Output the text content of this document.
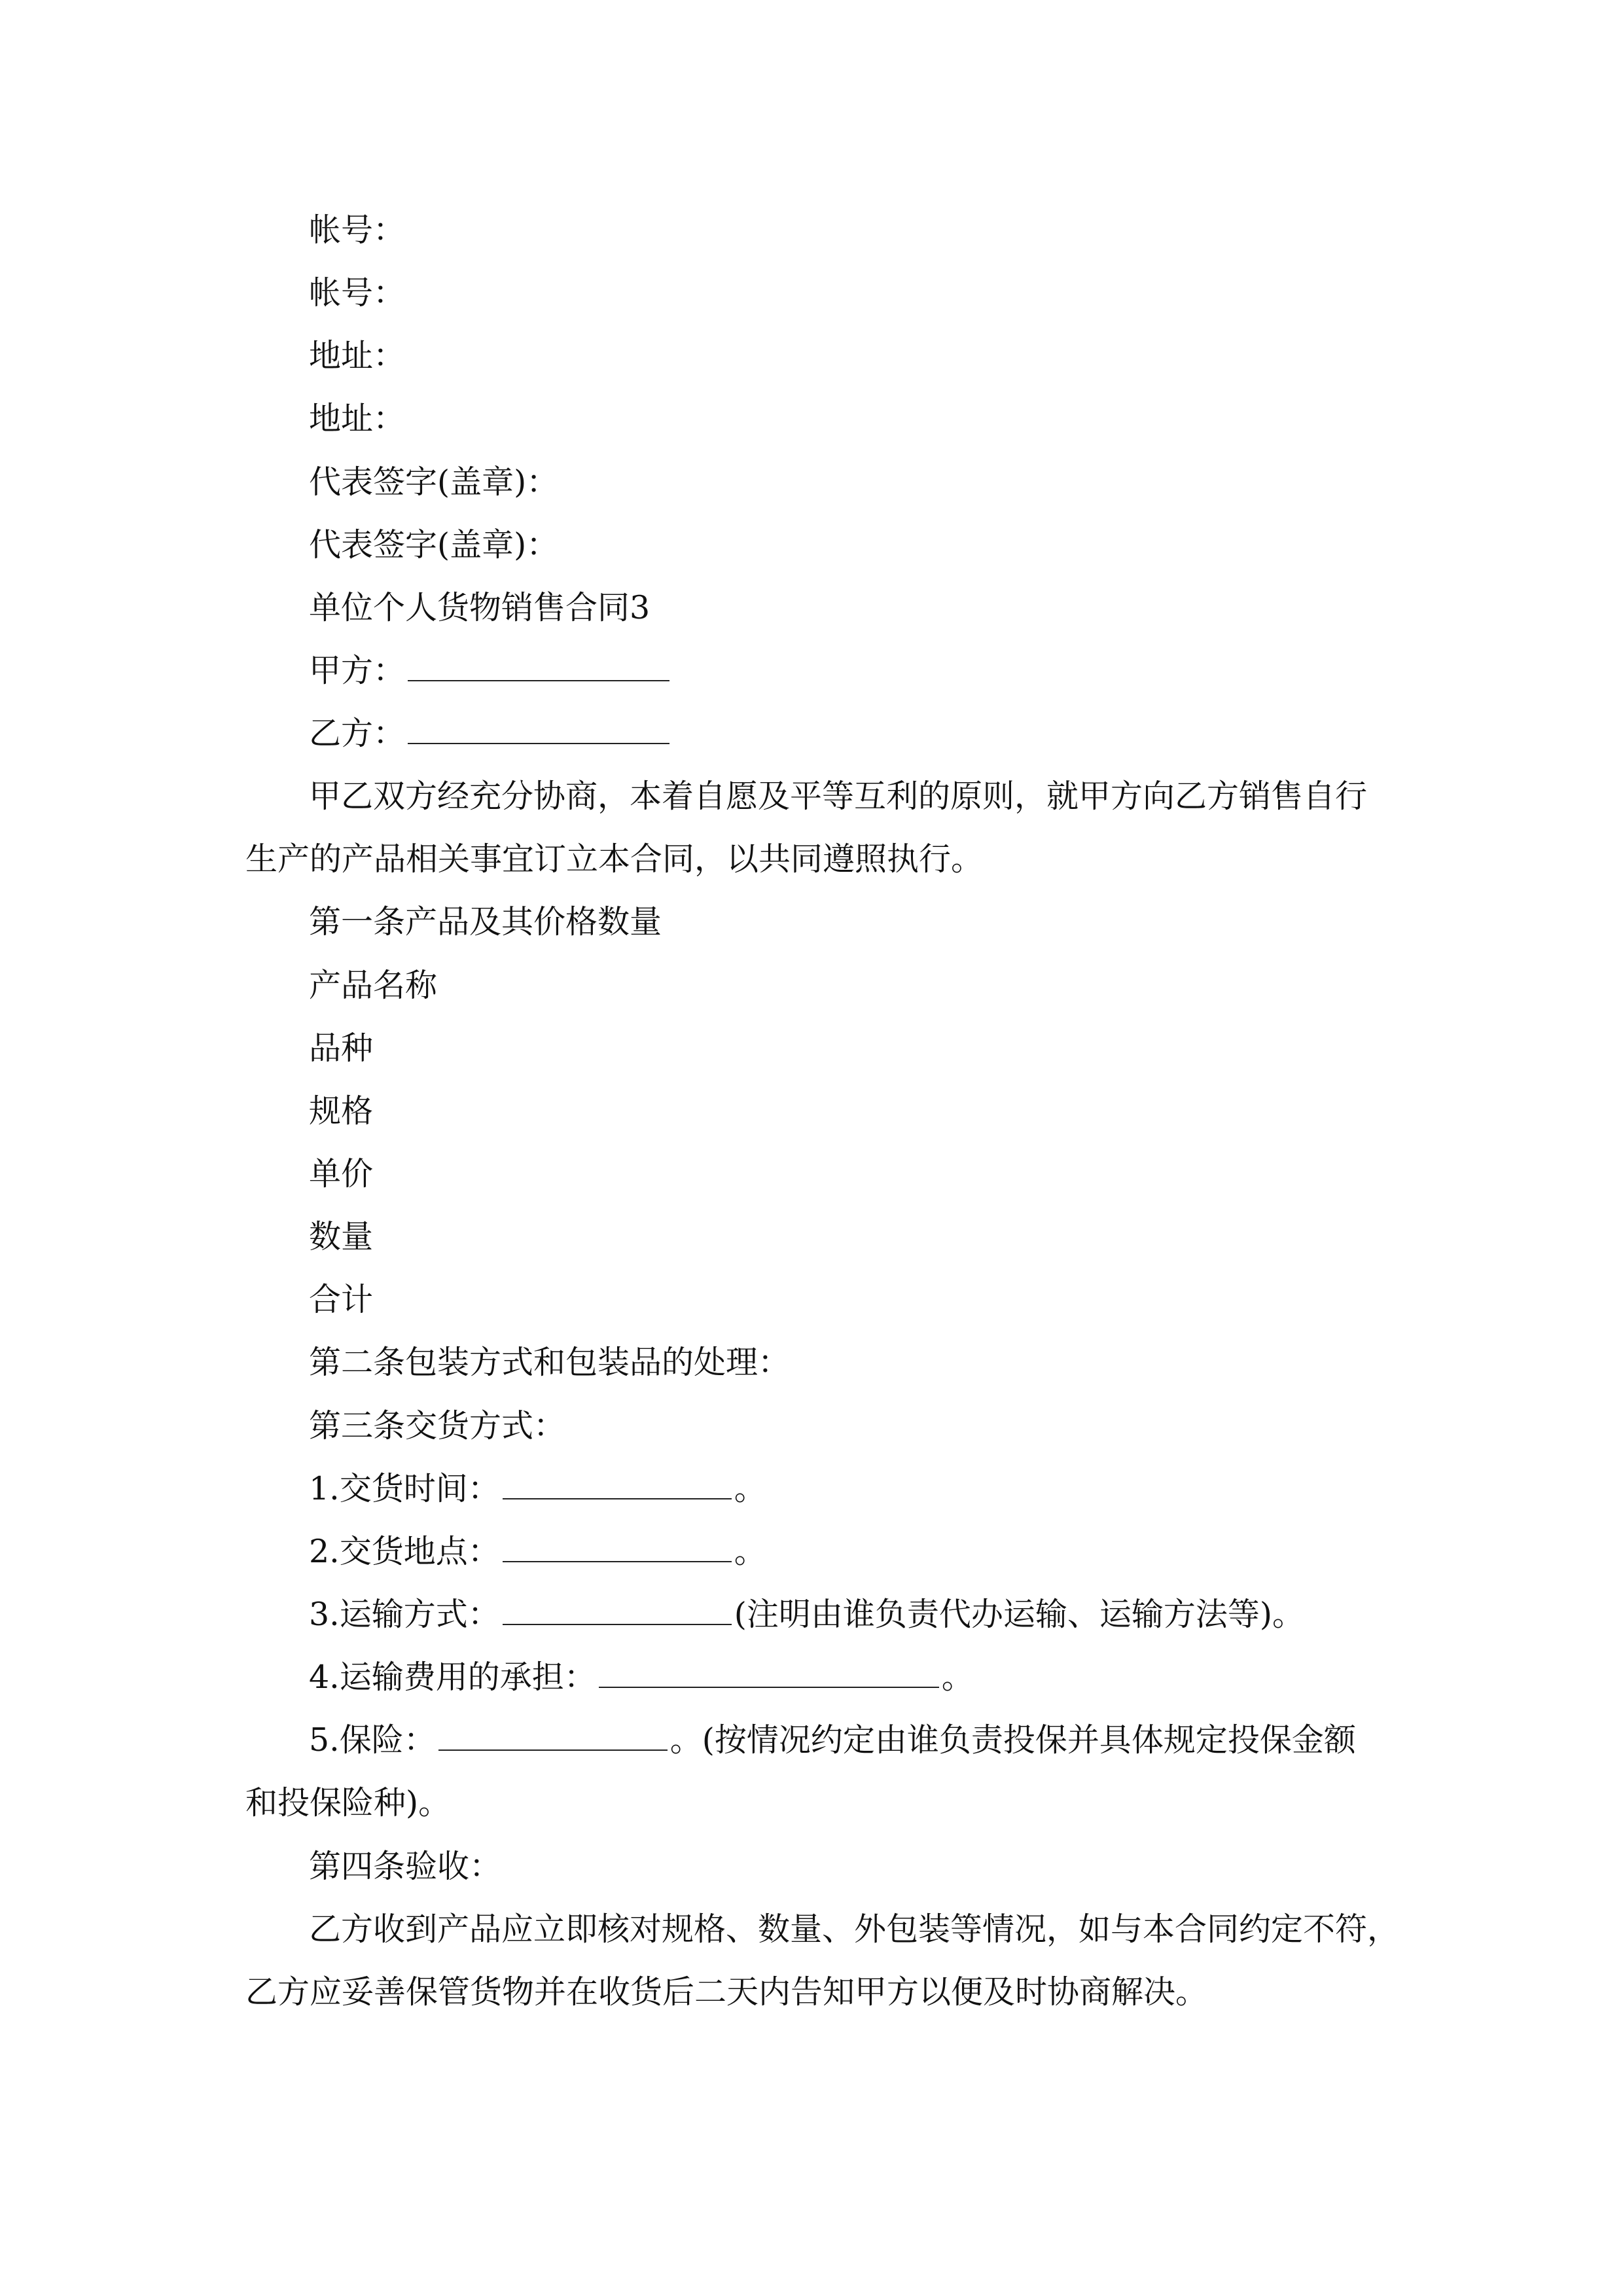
帐号：
帐号：
地址：
地址：
代表签字(盖章)：
代表签字(盖章)：
单位个人货物销售合同3
甲方：
乙方：
甲乙双方经充分协商，本着自愿及平等互利的原则，就甲方向乙方销售自行
生产的产品相关事宜订立本合同，以共同遵照执行。
第一条产品及其价格数量
产品名称
品种
规格
单价
数量
合计
第二条包装方式和包装品的处理：
第三条交货方式：
1.交货时间：	。
2.交货地点：	。
3.运输方式：	(注明由谁负责代办运输、运输方法等)。
4.运输费用的承担：	。
5.保险：	。(按情况约定由谁负责投保并具体规定投保金额
和投保险种)。
第四条验收：
乙方收到产品应立即核对规格、数量、外包装等情况，如与本合同约定不符，
乙方应妥善保管货物并在收货后二天内告知甲方以便及时协商解决。
